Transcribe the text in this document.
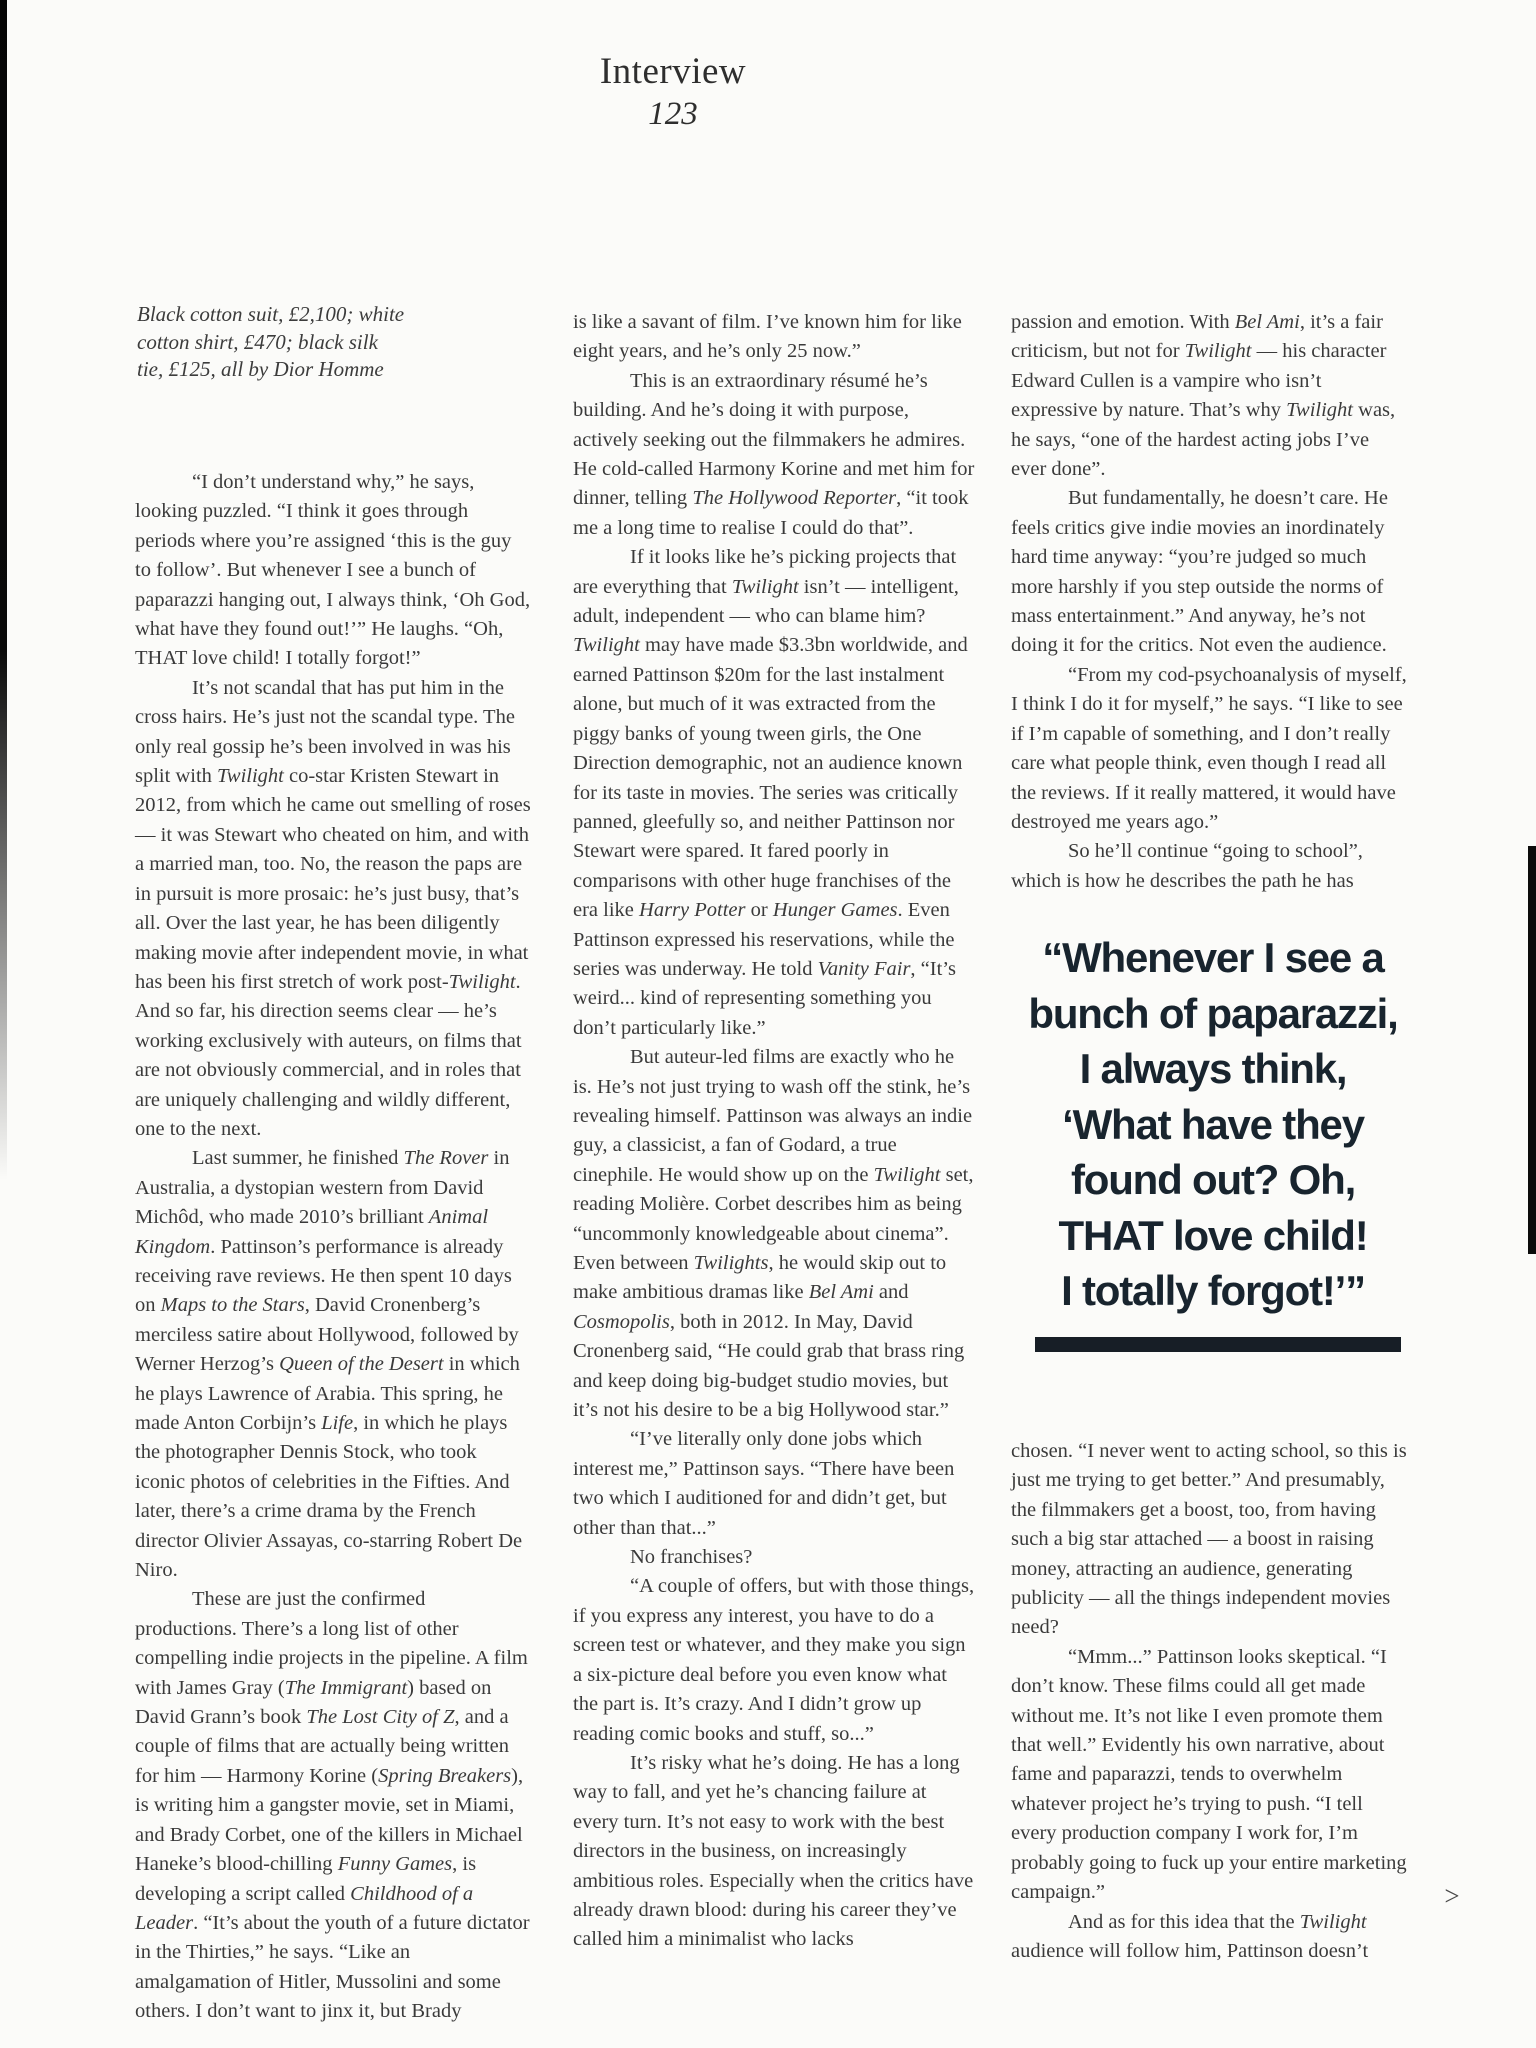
Interview
123
Black cotton suit, £2,100; white
cotton shirt, £470; black silk
tie, £125, all by Dior Homme

“I don’t understand why,” he says, looking puzzled. “I think it goes through periods where you’re assigned ‘this is the guy to follow’. But whenever I see a bunch of paparazzi hanging out, I always think, ‘Oh God, what have they found out!’” He laughs. “Oh, THAT love child! I totally forgot!”

It’s not scandal that has put him in the cross hairs. He’s just not the scandal type. The only real gossip he’s been involved in was his split with Twilight co-star Kristen Stewart in 2012, from which he came out smelling of roses — it was Stewart who cheated on him, and with a married man, too. No, the reason the paps are in pursuit is more prosaic: he’s just busy, that’s all. Over the last year, he has been diligently making movie after independent movie, in what has been his first stretch of work post-Twilight. And so far, his direction seems clear — he’s working exclusively with auteurs, on films that are not obviously commercial, and in roles that are uniquely challenging and wildly different, one to the next.

Last summer, he finished The Rover in Australia, a dystopian western from David Michôd, who made 2010’s brilliant Animal Kingdom. Pattinson’s performance is already receiving rave reviews. He then spent 10 days on Maps to the Stars, David Cronenberg’s merciless satire about Hollywood, followed by Werner Herzog’s Queen of the Desert in which he plays Lawrence of Arabia. This spring, he made Anton Corbijn’s Life, in which he plays the photographer Dennis Stock, who took iconic photos of celebrities in the Fifties. And later, there’s a crime drama by the French director Olivier Assayas, co-starring Robert De Niro.

These are just the confirmed productions. There’s a long list of other compelling indie projects in the pipeline. A film with James Gray (The Immigrant) based on David Grann’s book The Lost City of Z, and a couple of films that are actually being written for him — Harmony Korine (Spring Breakers), is writing him a gangster movie, set in Miami, and Brady Corbet, one of the killers in Michael Haneke’s blood-chilling Funny Games, is developing a script called Childhood of a Leader. “It’s about the youth of a future dictator in the Thirties,” he says. “Like an amalgamation of Hitler, Mussolini and some others. I don’t want to jinx it, but Brady

is like a savant of film. I’ve known him for like eight years, and he’s only 25 now.”

This is an extraordinary résumé he’s building. And he’s doing it with purpose, actively seeking out the filmmakers he admires. He cold-called Harmony Korine and met him for dinner, telling The Hollywood Reporter, “it took me a long time to realise I could do that”.

If it looks like he’s picking projects that are everything that Twilight isn’t — intelligent, adult, independent — who can blame him? Twilight may have made $3.3bn worldwide, and earned Pattinson $20m for the last instalment alone, but much of it was extracted from the piggy banks of young tween girls, the One Direction demographic, not an audience known for its taste in movies. The series was critically panned, gleefully so, and neither Pattinson nor Stewart were spared. It fared poorly in comparisons with other huge franchises of the era like Harry Potter or Hunger Games. Even Pattinson expressed his reservations, while the series was underway. He told Vanity Fair, “It’s weird... kind of representing something you don’t particularly like.”

But auteur-led films are exactly who he is. He’s not just trying to wash off the stink, he’s revealing himself. Pattinson was always an indie guy, a classicist, a fan of Godard, a true cinephile. He would show up on the Twilight set, reading Molière. Corbet describes him as being “uncommonly knowledgeable about cinema”. Even between Twilights, he would skip out to make ambitious dramas like Bel Ami and Cosmopolis, both in 2012. In May, David Cronenberg said, “He could grab that brass ring and keep doing big-budget studio movies, but it’s not his desire to be a big Hollywood star.”

“I’ve literally only done jobs which interest me,” Pattinson says. “There have been two which I auditioned for and didn’t get, but other than that...”

No franchises?

“A couple of offers, but with those things, if you express any interest, you have to do a screen test or whatever, and they make you sign a six-picture deal before you even know what the part is. It’s crazy. And I didn’t grow up reading comic books and stuff, so...”

It’s risky what he’s doing. He has a long way to fall, and yet he’s chancing failure at every turn. It’s not easy to work with the best directors in the business, on increasingly ambitious roles. Especially when the critics have already drawn blood: during his career they’ve called him a minimalist who lacks

passion and emotion. With Bel Ami, it’s a fair criticism, but not for Twilight — his character Edward Cullen is a vampire who isn’t expressive by nature. That’s why Twilight was, he says, “one of the hardest acting jobs I’ve ever done”.

But fundamentally, he doesn’t care. He feels critics give indie movies an inordinately hard time anyway: “you’re judged so much more harshly if you step outside the norms of mass entertainment.” And anyway, he’s not doing it for the critics. Not even the audience.

“From my cod-psychoanalysis of myself, I think I do it for myself,” he says. “I like to see if I’m capable of something, and I don’t really care what people think, even though I read all the reviews. If it really mattered, it would have destroyed me years ago.”

So he’ll continue “going to school”, which is how he describes the path he has

“Whenever I see a
bunch of paparazzi,
I always think,
‘What have they
found out? Oh,
THAT love child!
I totally forgot!’”

chosen. “I never went to acting school, so this is just me trying to get better.” And presumably, the filmmakers get a boost, too, from having such a big star attached — a boost in raising money, attracting an audience, generating publicity — all the things independent movies need?

“Mmm...” Pattinson looks skeptical. “I don’t know. These films could all get made without me. It’s not like I even promote them that well.” Evidently his own narrative, about fame and paparazzi, tends to overwhelm whatever project he’s trying to push. “I tell every production company I work for, I’m probably going to fuck up your entire marketing campaign.”

And as for this idea that the Twilight audience will follow him, Pattinson doesn’t

>
